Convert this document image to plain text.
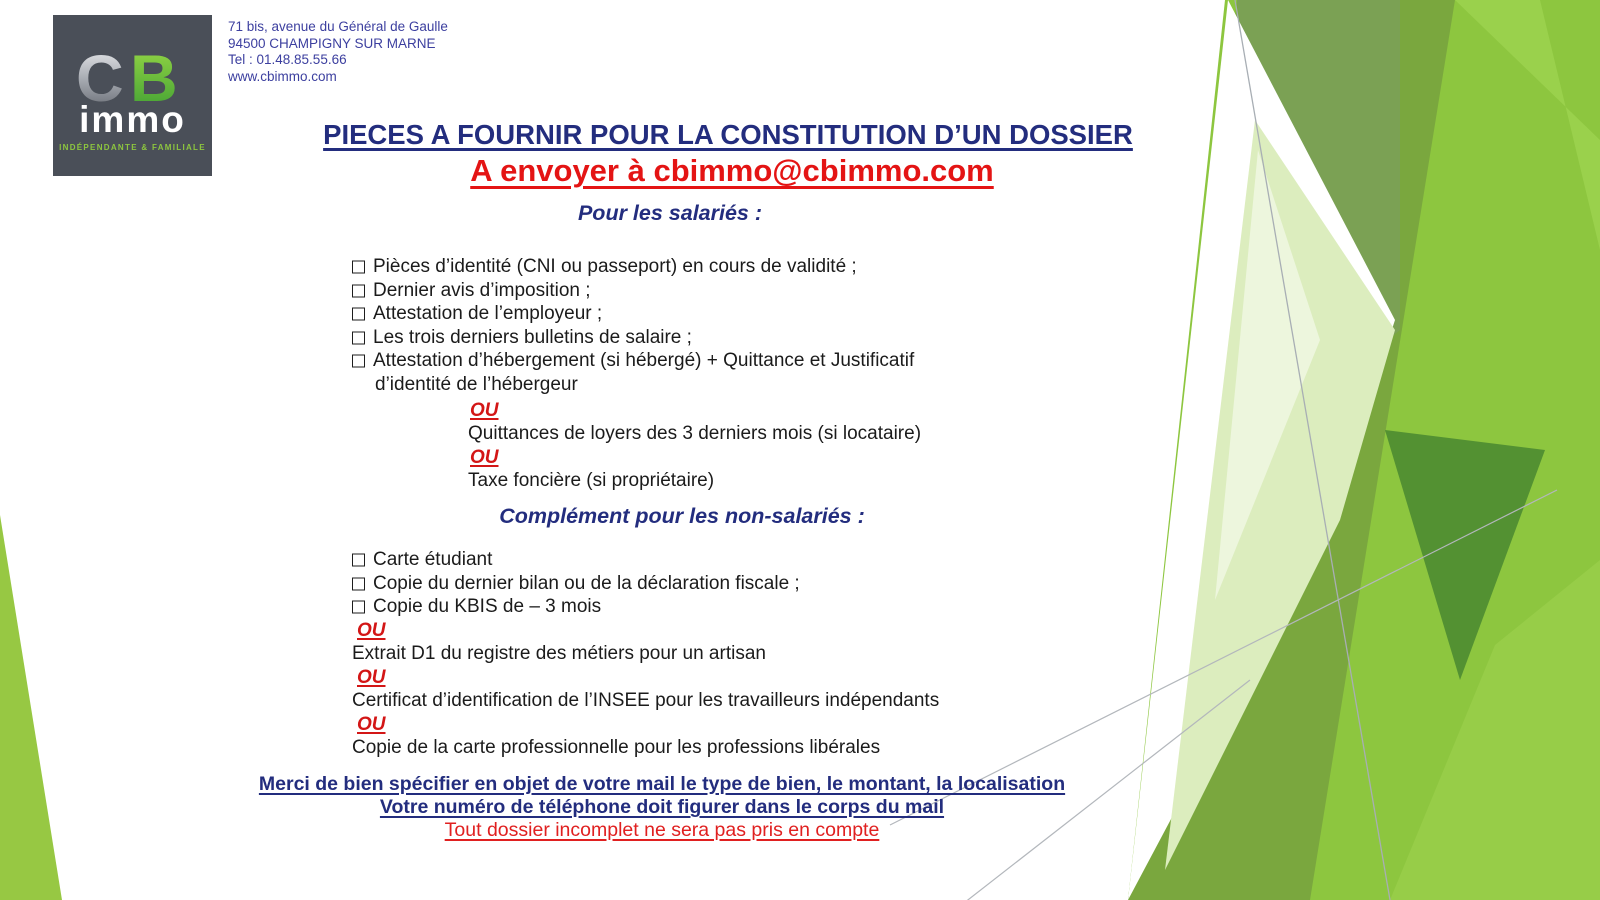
C B
immo
INDÉPENDANTE & FAMILIALE
71 bis, avenue du Général de Gaulle
94500 CHAMPIGNY SUR MARNE
Tel : 01.48.85.55.66
www.cbimmo.com
PIECES A FOURNIR POUR LA CONSTITUTION D’UN DOSSIER
A envoyer à cbimmo@cbimmo.com
Pour les salariés :
Pièces d’identité (CNI ou passeport) en cours de validité ;
Dernier avis d’imposition ;
Attestation de l’employeur ;
Les trois derniers bulletins de salaire ;
Attestation d’hébergement (si hébergé) + Quittance et Justificatif d’identité de l’hébergeur
OU
Quittances de loyers des 3 derniers mois (si locataire)
OU
Taxe foncière (si propriétaire)
Complément pour les non-salariés :
Carte étudiant
Copie du dernier bilan ou de la déclaration fiscale ;
Copie du KBIS de – 3 mois
OU
Extrait D1 du registre des métiers pour un artisan
OU
Certificat d’identification de l’INSEE pour les travailleurs indépendants
OU
Copie de la carte professionnelle pour les professions libérales
Merci de bien spécifier en objet de votre mail le type de bien, le montant, la localisation
Votre numéro de téléphone doit figurer dans le corps du mail
Tout dossier incomplet ne sera pas pris en compte
